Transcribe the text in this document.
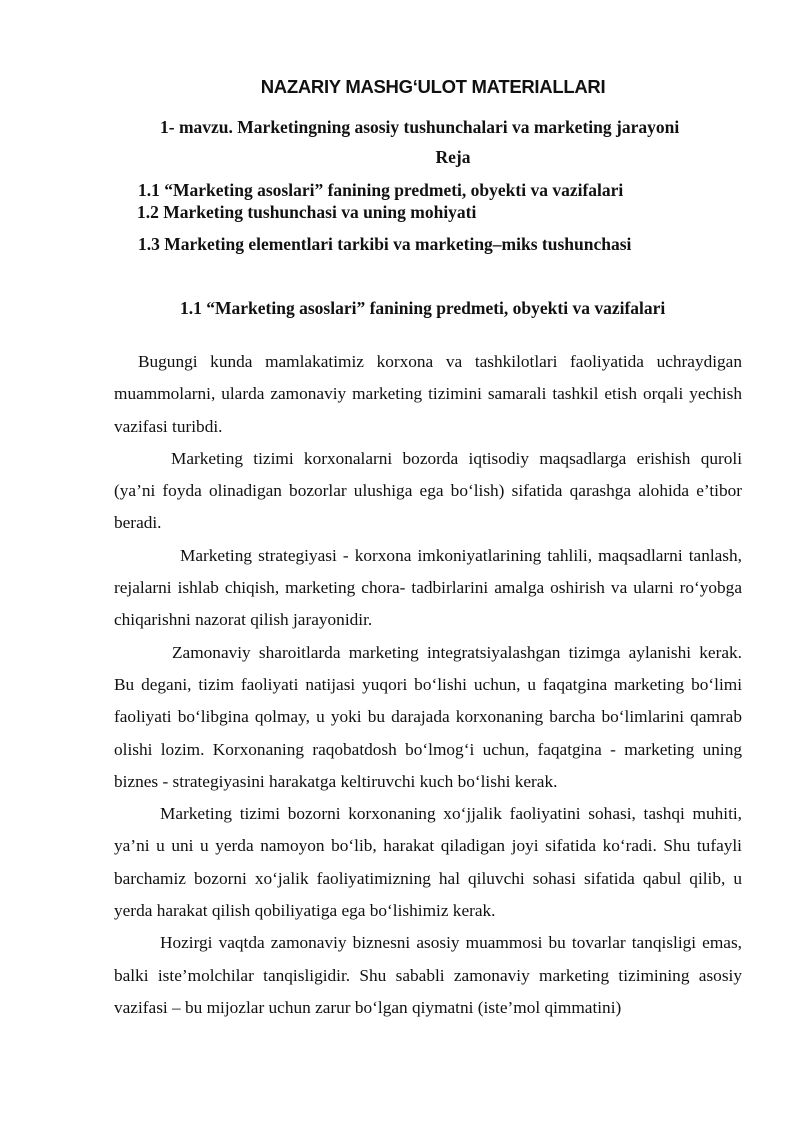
NAZARIY MASHG‘ULOT MATERIALLARI

1- mavzu. Marketingning asosiy tushunchalari va marketing jarayoni

Reja

1.1 “Marketing asoslari” fanining predmeti, obyekti va vazifalari

1.2 Marketing tushunchasi va uning mohiyati

1.3 Marketing elementlari tarkibi va marketing–miks tushunchasi

1.1 “Marketing asoslari” fanining predmeti, obyekti va vazifalari

Bugungi kunda mamlakatimiz korxona va tashkilotlari faoliyatida uchraydigan muammolarni, ularda zamonaviy marketing tizimini samarali tashkil etish orqali yechish vazifasi turibdi.

Marketing tizimi korxonalarni bozorda iqtisodiy maqsadlarga erishish quroli (ya’ni foyda olinadigan bozorlar ulushiga ega bo‘lish) sifatida qarashga alohida e’tibor beradi.

Marketing strategiyasi - korxona imkoniyatlarining tahlili, maqsadlarni tanlash, rejalarni ishlab chiqish, marketing chora- tadbirlarini amalga oshirish va ularni ro‘yobga chiqarishni nazorat qilish jarayonidir.

Zamonaviy sharoitlarda marketing integratsiyalashgan tizimga aylanishi kerak. Bu degani, tizim faoliyati natijasi yuqori bo‘lishi uchun, u faqatgina marketing bo‘limi faoliyati bo‘libgina qolmay, u yoki bu darajada korxonaning barcha bo‘limlarini qamrab olishi lozim. Korxonaning raqobatdosh bo‘lmog‘i uchun, faqatgina - marketing uning biznes - strategiyasini harakatga keltiruvchi kuch bo‘lishi kerak.

Marketing tizimi bozorni korxonaning xo‘jjalik faoliyatini sohasi, tashqi muhiti, ya’ni u uni u yerda namoyon bo‘lib, harakat qiladigan joyi sifatida ko‘radi. Shu tufayli barchamiz bozorni xo‘jalik faoliyatimizning hal qiluvchi sohasi sifatida qabul qilib, u yerda harakat qilish qobiliyatiga ega bo‘lishimiz kerak.

Hozirgi vaqtda zamonaviy biznesni asosiy muammosi bu tovarlar tanqisligi emas, balki iste’molchilar tanqisligidir. Shu sababli zamonaviy marketing tizimining asosiy vazifasi – bu mijozlar uchun zarur bo‘lgan qiymatni (iste’mol qimmatini)
